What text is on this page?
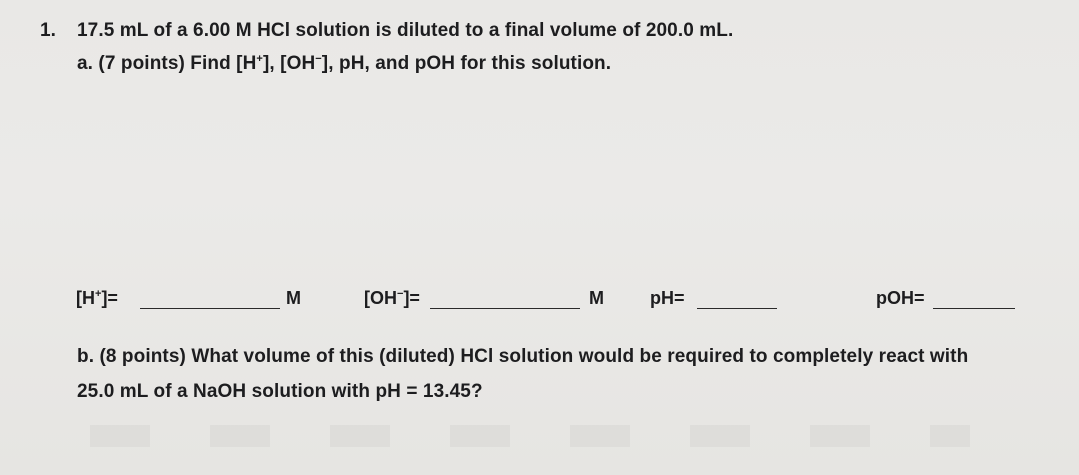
1. 17.5 mL of a 6.00 M HCl solution is diluted to a final volume of 200.0 mL.
a. (7 points) Find [H+], [OH−], pH, and pOH for this solution.
[H+]=	M	[OH−]=	M	pH=	pOH=
b. (8 points) What volume of this (diluted) HCl solution would be required to completely react with
25.0 mL of a NaOH solution with pH = 13.45?
